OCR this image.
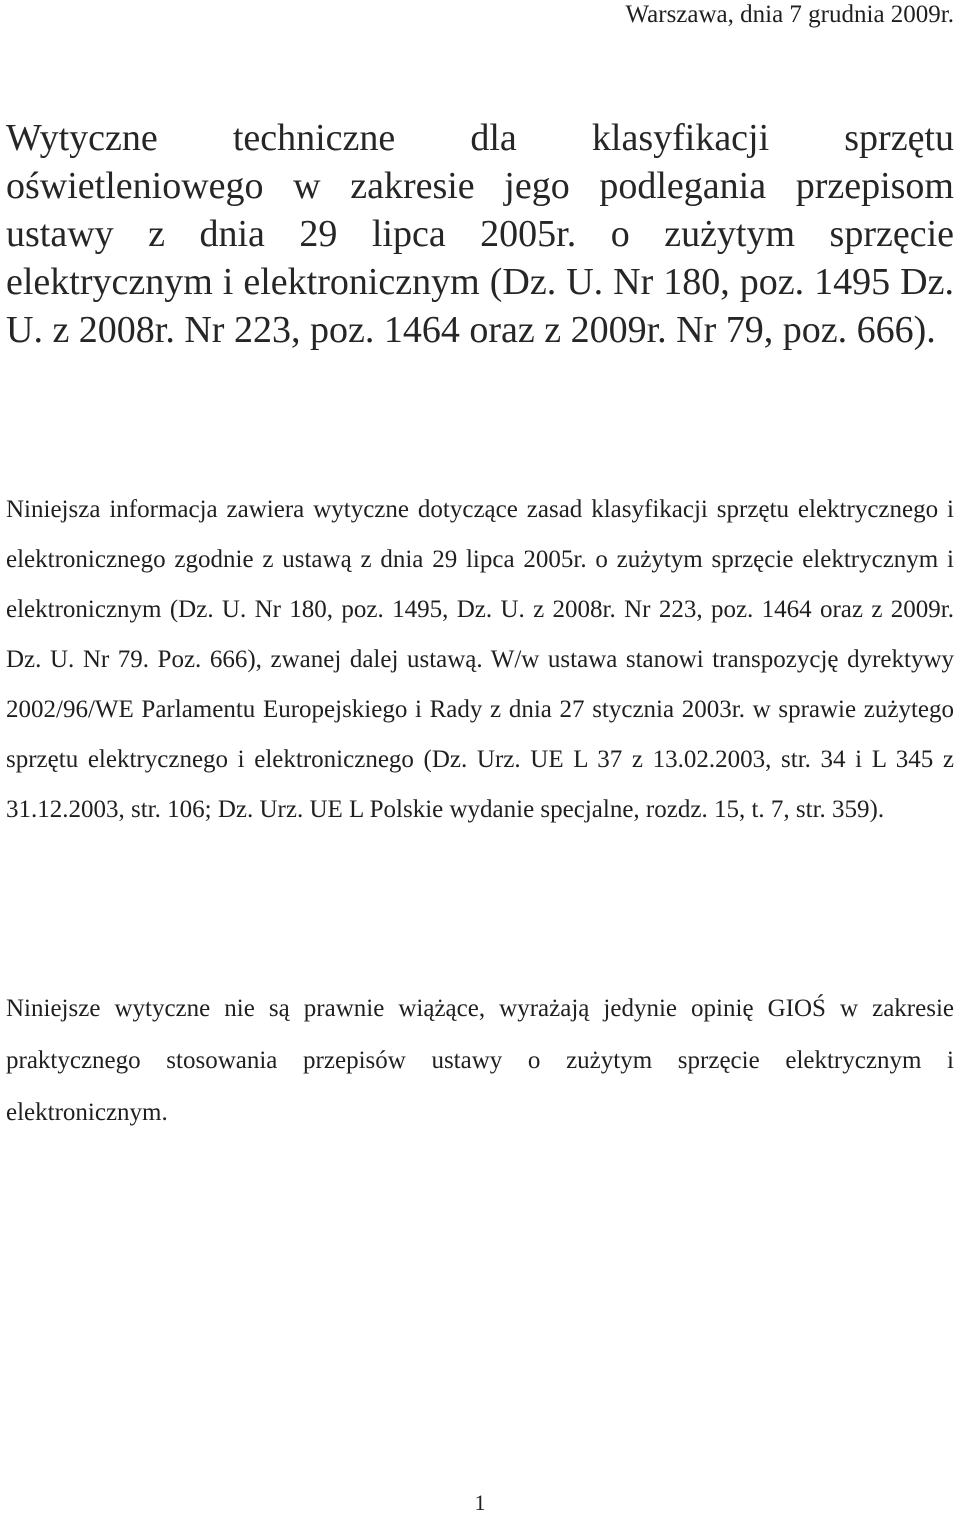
Warszawa, dnia 7 grudnia 2009r.
Wytyczne techniczne dla klasyfikacji sprzętu oświetleniowego w zakresie jego podlegania przepisom ustawy z dnia 29 lipca 2005r. o zużytym sprzęcie elektrycznym i elektronicznym (Dz. U. Nr 180, poz. 1495 Dz. U. z 2008r. Nr 223, poz. 1464 oraz z 2009r. Nr 79, poz. 666).
Niniejsza informacja zawiera wytyczne dotyczące zasad klasyfikacji sprzętu elektrycznego i elektronicznego zgodnie z ustawą z dnia 29 lipca 2005r. o zużytym sprzęcie elektrycznym i elektronicznym (Dz. U. Nr 180, poz. 1495, Dz. U. z 2008r. Nr 223, poz. 1464 oraz z 2009r. Dz. U. Nr 79. Poz. 666), zwanej dalej ustawą. W/w ustawa stanowi transpozycję dyrektywy 2002/96/WE Parlamentu Europejskiego i Rady z dnia 27 stycznia 2003r. w sprawie zużytego sprzętu elektrycznego i elektronicznego (Dz. Urz. UE L 37 z 13.02.2003, str. 34 i L 345 z 31.12.2003, str. 106; Dz. Urz. UE L Polskie wydanie specjalne, rozdz. 15, t. 7, str. 359).
Niniejsze wytyczne nie są prawnie wiążące, wyrażają jedynie opinię GIOŚ w zakresie praktycznego stosowania przepisów ustawy o zużytym sprzęcie elektrycznym i elektronicznym.
1
